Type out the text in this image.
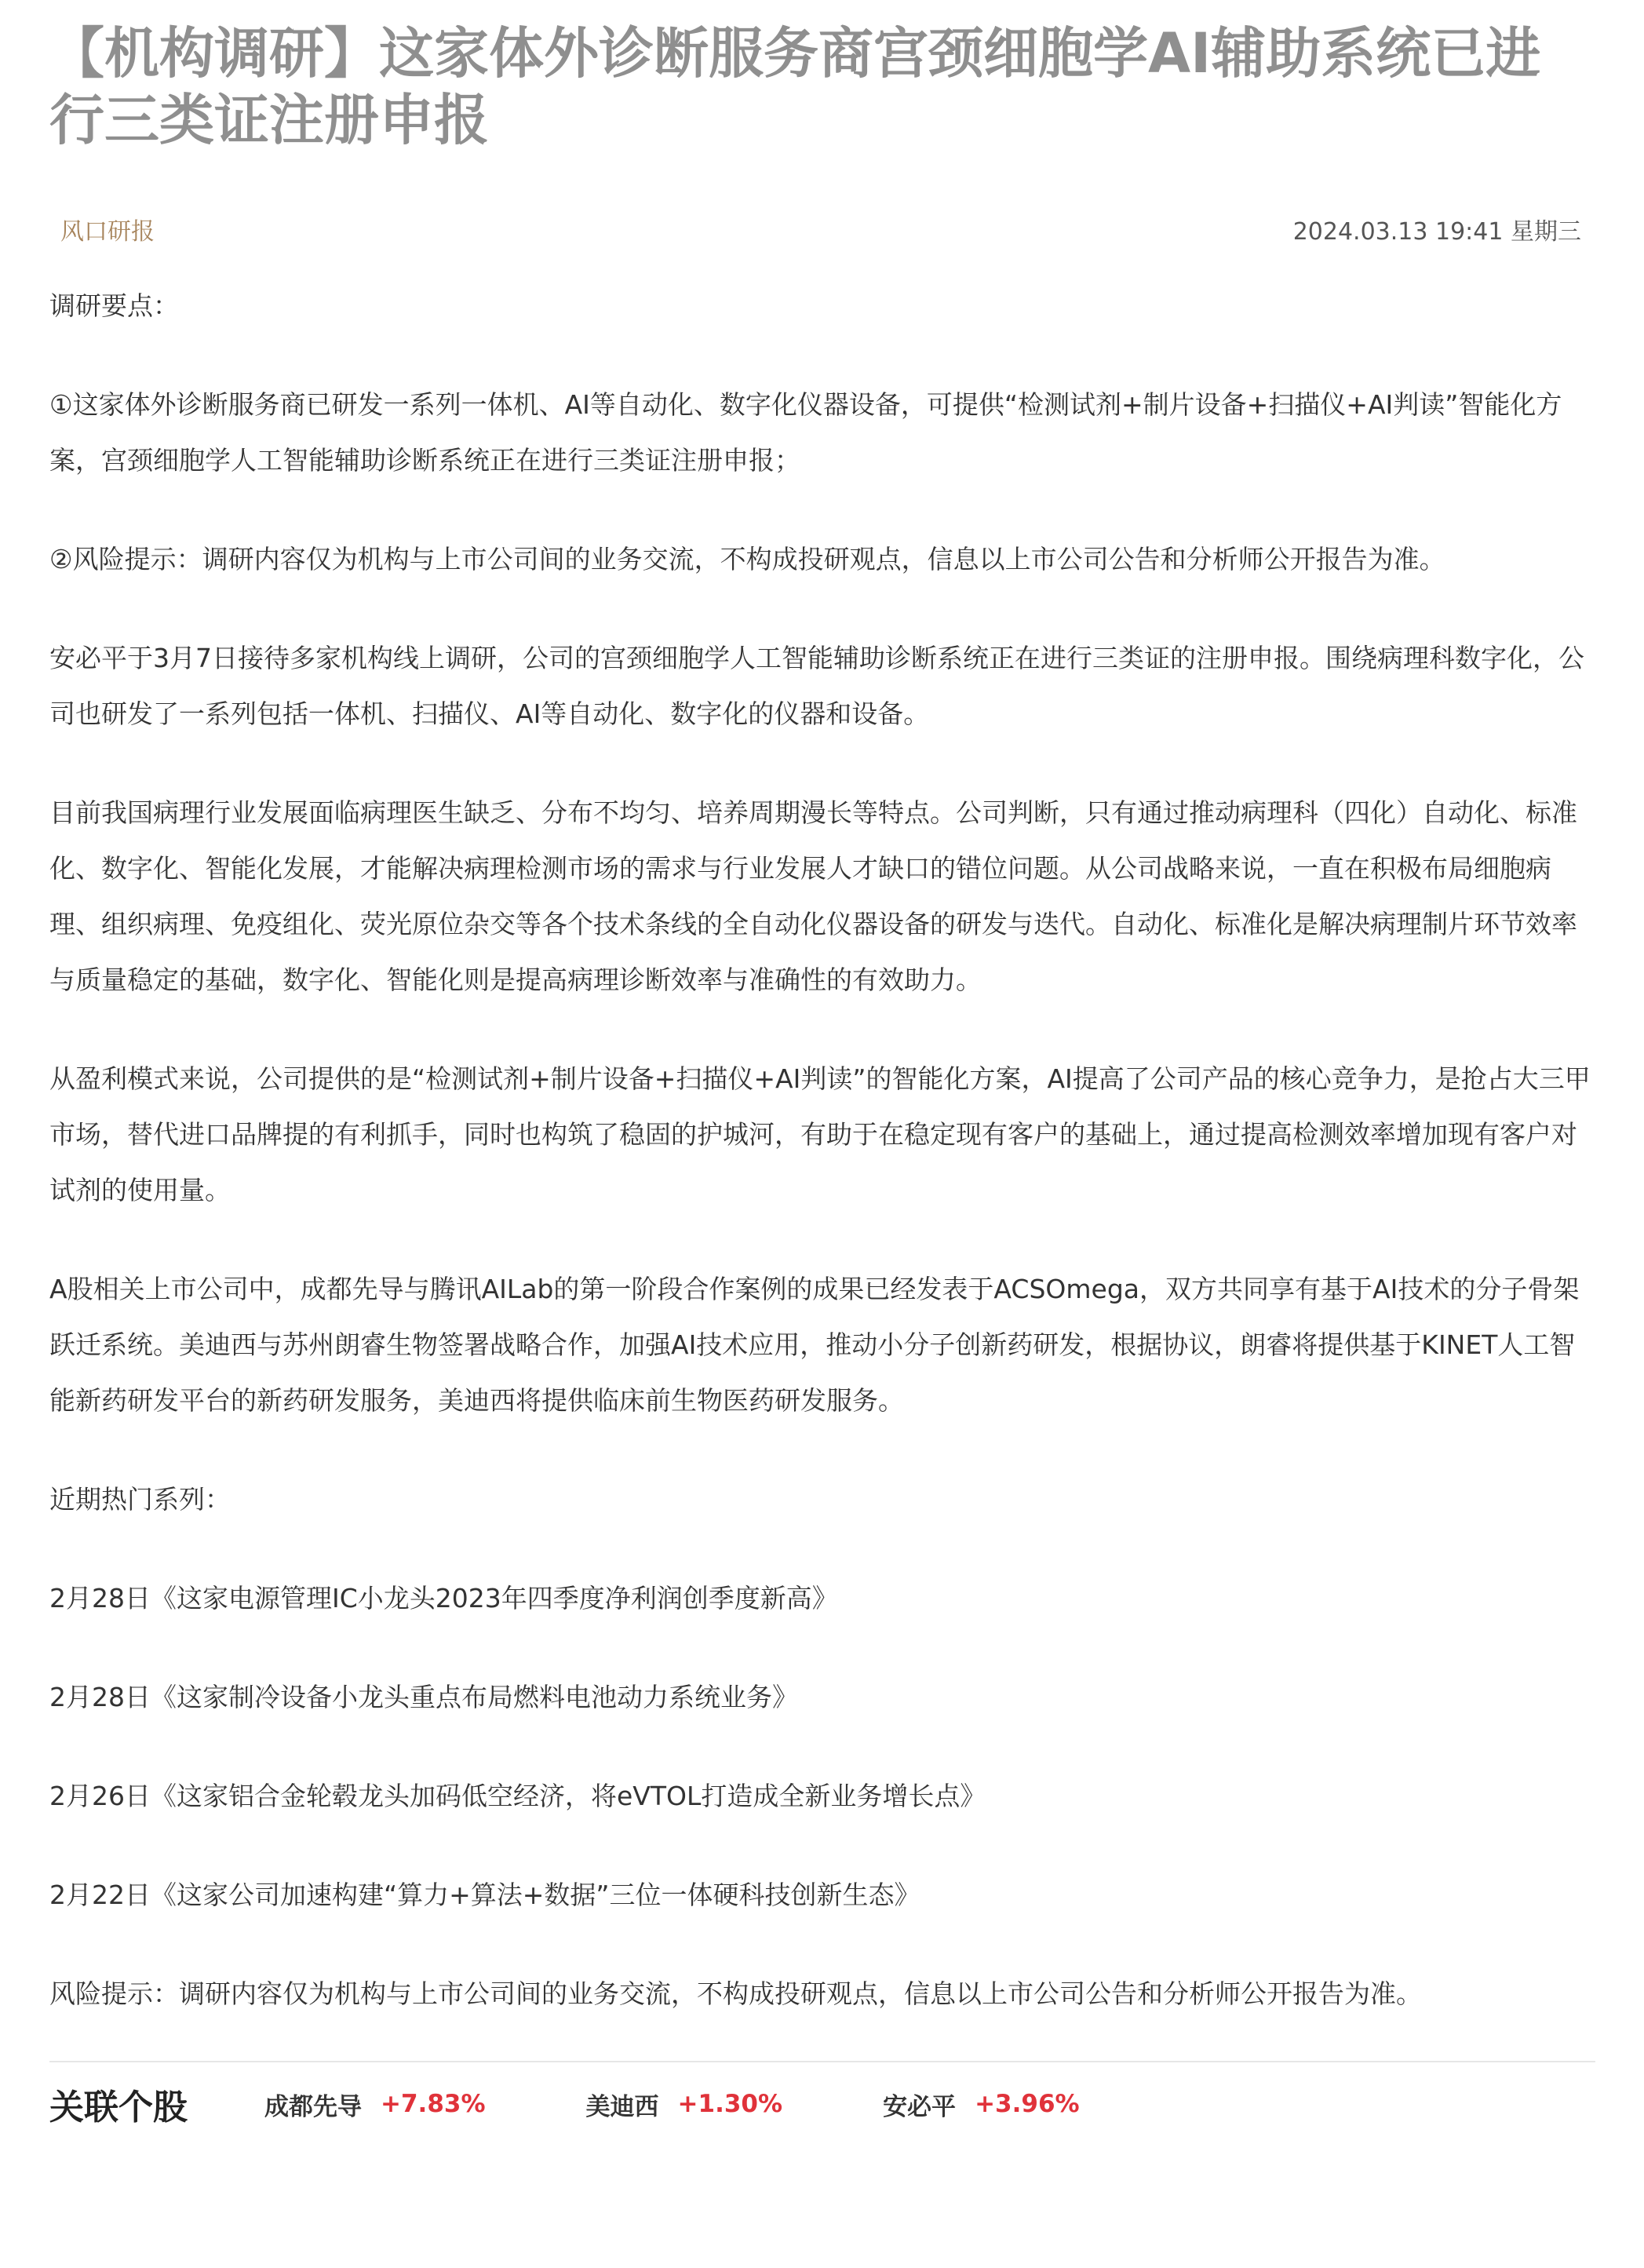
【机构调研】这家体外诊断服务商宫颈细胞学AI辅助系统已进行三类证注册申报
风口研报	2024.03.13 19:41 星期三

调研要点：

①这家体外诊断服务商已研发一系列一体机、AI等自动化、数字化仪器设备，可提供“检测试剂+制片设备+扫描仪+AI判读”智能化方案，宫颈细胞学人工智能辅助诊断系统正在进行三类证注册申报；

②风险提示：调研内容仅为机构与上市公司间的业务交流，不构成投研观点，信息以上市公司公告和分析师公开报告为准。

安必平于3月7日接待多家机构线上调研，公司的宫颈细胞学人工智能辅助诊断系统正在进行三类证的注册申报。围绕病理科数字化，公司也研发了一系列包括一体机、扫描仪、AI等自动化、数字化的仪器和设备。

目前我国病理行业发展面临病理医生缺乏、分布不均匀、培养周期漫长等特点。公司判断，只有通过推动病理科（四化）自动化、标准化、数字化、智能化发展，才能解决病理检测市场的需求与行业发展人才缺口的错位问题。从公司战略来说，一直在积极布局细胞病理、组织病理、免疫组化、荧光原位杂交等各个技术条线的全自动化仪器设备的研发与迭代。自动化、标准化是解决病理制片环节效率与质量稳定的基础，数字化、智能化则是提高病理诊断效率与准确性的有效助力。

从盈利模式来说，公司提供的是“检测试剂+制片设备+扫描仪+AI判读”的智能化方案，AI提高了公司产品的核心竞争力，是抢占大三甲市场，替代进口品牌提的有利抓手，同时也构筑了稳固的护城河，有助于在稳定现有客户的基础上，通过提高检测效率增加现有客户对试剂的使用量。

A股相关上市公司中，成都先导与腾讯AILab的第一阶段合作案例的成果已经发表于ACSOmega，双方共同享有基于AI技术的分子骨架跃迁系统。美迪西与苏州朗睿生物签署战略合作，加强AI技术应用，推动小分子创新药研发，根据协议，朗睿将提供基于KINET人工智能新药研发平台的新药研发服务，美迪西将提供临床前生物医药研发服务。

近期热门系列：

2月28日《这家电源管理IC小龙头2023年四季度净利润创季度新高》

2月28日《这家制冷设备小龙头重点布局燃料电池动力系统业务》

2月26日《这家铝合金轮毂龙头加码低空经济，将eVTOL打造成全新业务增长点》

2月22日《这家公司加速构建“算力+算法+数据”三位一体硬科技创新生态》

风险提示：调研内容仅为机构与上市公司间的业务交流，不构成投研观点，信息以上市公司公告和分析师公开报告为准。

关联个股	成都先导 +7.83%	美迪西 +1.30%	安必平 +3.96%
